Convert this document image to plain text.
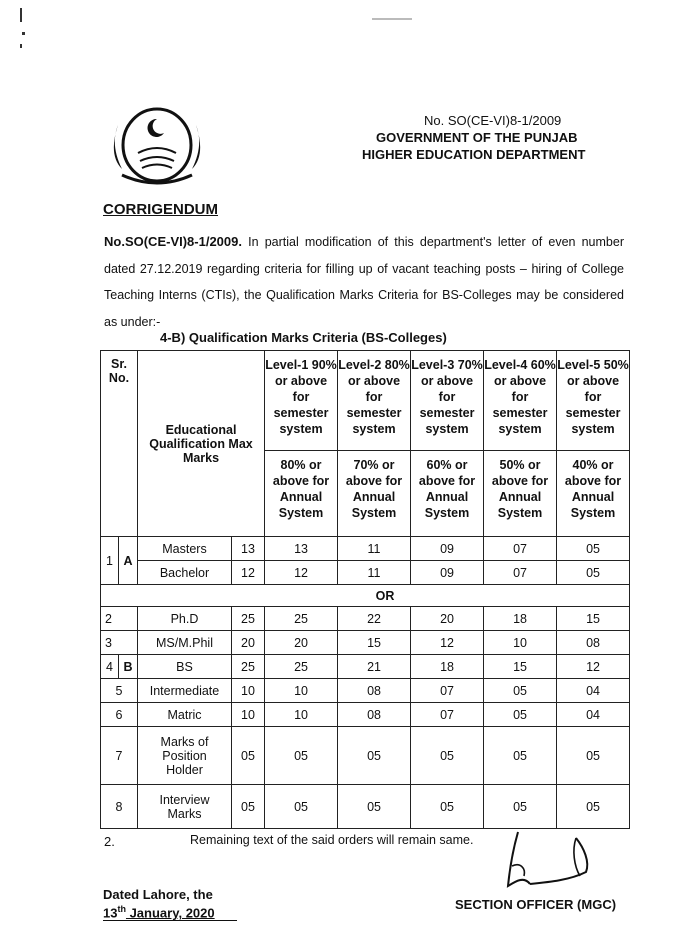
No. SO(CE-VI)8-1/2009
GOVERNMENT OF THE PUNJAB
HIGHER EDUCATION DEPARTMENT
CORRIGENDUM
No.SO(CE-VI)8-1/2009. In partial modification of this department's letter of even number dated 27.12.2019 regarding criteria for filling up of vacant teaching posts – hiring of College Teaching Interns (CTIs), the Qualification Marks Criteria for BS-Colleges may be considered as under:-
4-B) Qualification Marks Criteria (BS-Colleges)
Sr. No.		Educational Qualification Max Marks		Level-1 90% or above for semester system	Level-2 80% or above for semester system	Level-3 70% or above for semester system	Level-4 60% or above for semester system	Level-5 50% or above for semester system
				80% or above for Annual System	70% or above for Annual System	60% or above for Annual System	50% or above for Annual System	40% or above for Annual System
1	A	Masters	13	13	11	09	07	05
		Bachelor	12	12	11	09	07	05
OR								
2		Ph.D	25	25	22	20	18	15
3		MS/M.Phil	20	20	15	12	10	08
4	B	BS	25	25	21	18	15	12
5		Intermediate	10	10	08	07	05	04
6		Matric	10	10	08	07	05	04
7		Marks of Position Holder	05	05	05	05	05	05
8		Interview Marks	05	05	05	05	05	05
2.	Remaining text of the said orders will remain same.
Dated Lahore, the
13th January, 2020
SECTION OFFICER (MGC)
